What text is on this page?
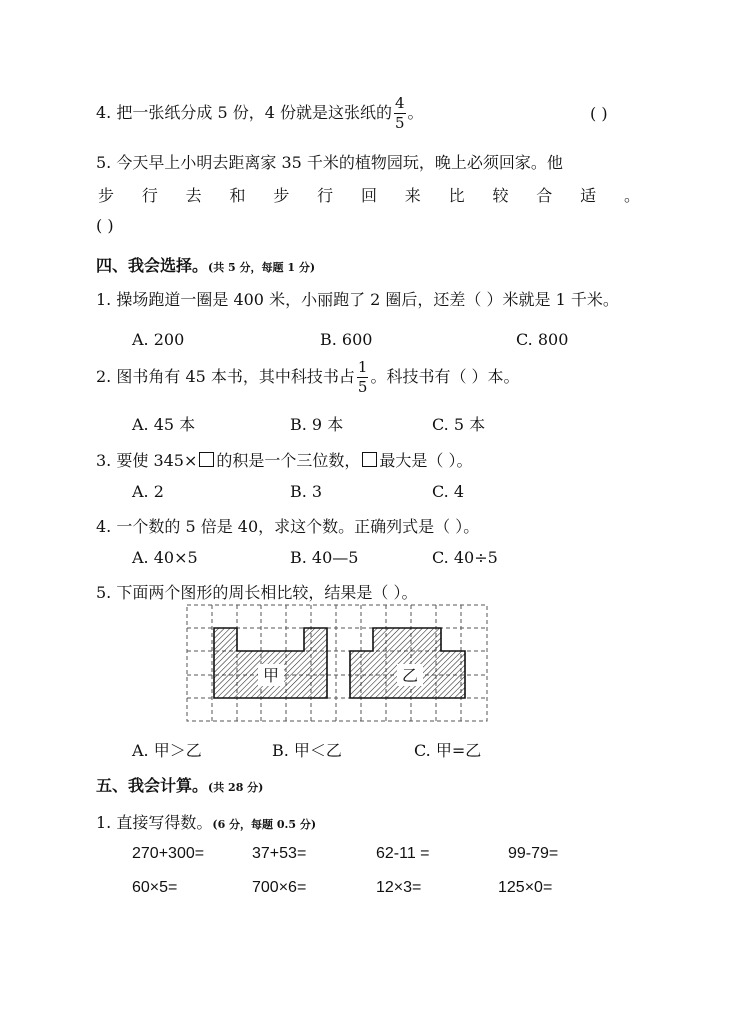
4. 把一张纸分成 5 份，4 份就是这张纸的 $\frac{4}{5}$ 。	( )
5. 今天早上小明去距离家 35 千米的植物园玩，晚上必须回家。他
步 行 去 和 步 行 回 来 比 较 合 适 。
( )
四、我会选择。(共 5 分，每题 1 分)
1. 操场跑道一圈是 400 米，小丽跑了 2 圈后，还差（ ）米就是 1 千米。
A. 200	B. 600	C. 800
2. 图书角有 45 本书，其中科技书占 $\frac{1}{5}$ 。科技书有（ ）本。
A. 45 本	B. 9 本	C. 5 本
3. 要使 345× 的积是一个三位数， 最大是（ ）。
A. 2	B. 3	C. 4
4. 一个数的 5 倍是 40，求这个数。正确列式是（ ）。
A. 40×5	B. 40—5	C. 40÷5
5. 下面两个图形的周长相比较，结果是（ ）。
甲	乙
A. 甲＞乙	B. 甲＜乙	C. 甲=乙
五、我会计算。(共 28 分)
1. 直接写得数。(6 分，每题 0.5 分)
270+300=	37+53=	62-11 =	99-79=
60×5=	700×6=	12×3=	125×0=
